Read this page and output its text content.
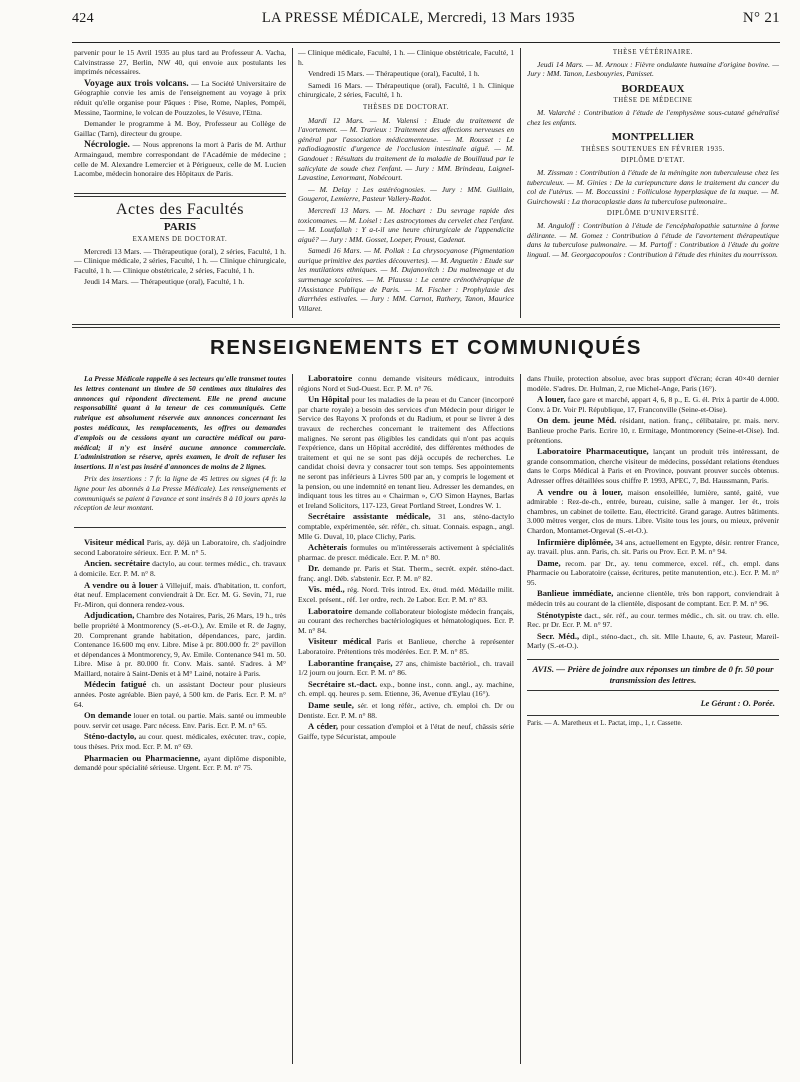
424	LA PRESSE MÉDICALE, Mercredi, 13 Mars 1935	N° 21

parvenir pour le 15 Avril 1935 au plus tard au Professeur A. Vacha, Calvinstrasse 27, Berlin, NW 40, qui envoie aux postulants les imprimés nécessaires.

Voyage aux trois volcans. — La Société Universitaire de Géographie convie les amis de l'enseignement au voyage à prix réduit qu'elle organise pour Pâques : Pise, Rome, Naples, Pompéi, Messine, Taormine, le volcan de Pouzzoles, le Vésuve, l'Etna.

Demander le programme à M. Boy, Professeur au Collège de Gaillac (Tarn), directeur du groupe.

Nécrologie. — Nous apprenons la mort à Paris de M. Arthur Armaingaud, membre correspondant de l'Académie de médecine ; celle de M. Alexandre Lemercier et à Périgueux, celle de M. Lucien Lacombe, médecin honoraire des Hôpitaux de Paris.

Actes des Facultés
PARIS

EXAMENS DE DOCTORAT.

Mercredi 13 Mars. — Thérapeutique (oral), 2 séries, Faculté, 1 h. — Clinique médicale, 2 séries, Faculté, 1 h. — Clinique chirurgicale, Faculté, 1 h. — Clinique obstétricale, 2 séries, Faculté, 1 h.

Jeudi 14 Mars. — Thérapeutique (oral), Faculté, 1 h.

— Clinique médicale, Faculté, 1 h. — Clinique obstétricale, Faculté, 1 h.

Vendredi 15 Mars. — Thérapeutique (oral), Faculté, 1 h.

Samedi 16 Mars. — Thérapeutique (oral), Faculté, 1 h. Clinique chirurgicale, 2 séries, Faculté, 1 h.

THÈSES DE DOCTORAT.

Mardi 12 Mars. — M. Valensi : Etude du traitement de l'avortement. — M. Trarieux : Traitement des affections nerveuses en général par l'association médicamenteuse. — M. Rousset : Le radiodiagnostic d'urgence de l'occlusion intestinale aiguë. — M. Gandouet : Résultats du traitement de la maladie de Bouillaud par le salicylate de soude chez l'enfant. — Jury : MM. Brindeau, Laignel-Lavastine, Lenormant, Nobécourt.

— M. Delay : Les astéréognosies. — Jury : MM. Guillain, Gougerot, Lemierre, Pasteur Vallery-Radot.

Mercredi 13 Mars. — M. Hochart : Du sevrage rapide des toxicomanes. — M. Loisel : Les astrocytomes du cervelet chez l'enfant. — M. Loutfallah : Y a-t-il une heure chirurgicale de l'appendicite aiguë? — Jury : MM. Gosset, Loeper, Proust, Cadenat.

Samedi 16 Mars. — M. Pollak : La chrysocyanose (Pigmentation aurique primitive des parties découvertes). — M. Anguetin : Etude sur les mutilations ethniques. — M. Dujanovitch : Du malmenage et du surmenage scolaires. — M. Plaussu : Le centre crénothérapique de l'Assistance Publique de Paris. — M. Fischer : Prophylaxie des diarrhées estivales. — Jury : MM. Carnot, Rathery, Tanon, Maurice Villaret.

THÈSE VÉTÉRINAIRE.

Jeudi 14 Mars. — M. Arnoux : Fièvre ondulante humaine d'origine bovine. — Jury : MM. Tanon, Lesbouyries, Panisset.

BORDEAUX

THÈSE DE MÉDECINE

M. Valarché : Contribution à l'étude de l'emphysème sous-cutané généralisé chez les enfants.

MONTPELLIER

THÈSES SOUTENUES EN FÉVRIER 1935.

DIPLÔME D'ETAT.

M. Zissman : Contribution à l'étude de la méningite non tuberculeuse chez les tuberculeux. — M. Ginies : De la curiepuncture dans le traitement du cancer du col de l'utérus. — M. Boccassini : Folliculose hyperplasique de la nuque. — M. Guirchowski : La thoracoplastie dans la tuberculose pulmonaire..

DIPLÔME D'UNIVERSITÉ.

M. Anguloff : Contribution à l'étude de l'encéphalopathie saturnine à forme délirante. — M. Gomez : Contribution à l'étude de l'avortement thérapeutique dans la tuberculose pulmonaire. — M. Partoff : Contribution à l'étude du goitre lingual. — M. Georgacopoulos : Contribution à l'étude des rhinites du nourrisson.

RENSEIGNEMENTS ET COMMUNIQUÉS

La Presse Médicale rappelle à ses lecteurs qu'elle transmet toutes les lettres contenant un timbre de 50 centimes aux titulaires des annonces qui répondent directement. Elle ne prend aucune responsabilité quant à la teneur de ces communiqués. Cette rubrique est absolument réservée aux annonces concernant les postes médicaux, les remplacements, les offres ou demandes d'emplois ou de cessions ayant un caractère médical ou para-médical; il n'y est inséré aucune annonce commerciale. L'administration se réserve, après examen, le droit de refuser les insertions. Il n'est pas inséré d'annonces de moins de 2 lignes.

Prix des insertions : 7 fr. la ligne de 45 lettres ou signes (4 fr. la ligne pour les abonnés à La Presse Médicale). Les renseignements et communiqués se paient à l'avance et sont insérés 8 à 10 jours après la réception de leur montant.

Visiteur médical Paris, ay. déjà un Laboratoire, ch. s'adjoindre second Laboratoire sérieux. Ecr. P. M. n° 5.

Ancien. secrétaire dactylo, au cour. termes médic., ch. travaux à domicile. Ecr. P. M. n° 8.

A vendre ou à louer à Villejuif, mais. d'habitation, tt. confort, état neuf. Emplacement conviendrait à Dr. Ecr. M. G. Sevin, 71, rue Fr.-Miron, qui donnera rendez-vous.

Adjudication, Chambre des Notaires, Paris, 26 Mars, 19 h., très belle propriété à Montmorency (S.-et-O.), Av. Emile et R. de Jagny, 20. Comprenant grande habitation, dépendances, parc, jardin. Contenance 16.600 mq env. Libre. Mise à pr. 800.000 fr. 2° pavillon et dépendances à Montmorency, 9, Av. Emile. Contenance 941 m. 50. Libre. Mise à pr. 80.000 fr. Conv. Mais. santé. S'adres. à M° Maillard, notaire à Saint-Denis et à M° Lainé, notaire à Paris.

Médecin fatigué ch. un assistant Docteur pour plusieurs années. Poste agréable. Bien payé, à 500 km. de Paris. Ecr. P. M. n° 64.

On demande louer en total. ou partie. Mais. santé ou immeuble pouv. servir cet usage. Parc nécess. Env. Paris. Ecr. P. M. n° 65.

Sténo-dactylo, au cour. quest. médicales, exécuter. trav., copie, tous thèses. Prix mod. Ecr. P. M. n° 69.

Pharmacien ou Pharmacienne, ayant diplôme disponible, demandé pour spécialité sérieuse. Urgent. Ecr. P. M. n° 75.

Laboratoire connu demande visiteurs médicaux, introduits régions Nord et Sud-Ouest. Ecr. P. M. n° 76.

Un Hôpital pour les maladies de la peau et du Cancer (incorporé par charte royale) a besoin des services d'un Médecin pour diriger le Service des Rayons X profonds et du Radium, et pour se livrer à des travaux de recherches concernant le traitement des Affections malignes. Ne seront pas éligibles les candidats qui n'ont pas acquis l'expérience, dans un Hôpital accrédité, des différentes méthodes de traitement et qui ne se sont pas déjà occupés de recherches. Le candidat choisi devra y consacrer tout son temps. Ses appointements ne seront pas inférieurs à Livres 500 par an, y compris le logement et la pension, ou une indemnité en tenant lieu. Adresser les demandes, en indiquant tous les titres au « Chairman », C/O Simon Haynes, Barlas et Ireland Solicitors, 117-123, Great Portland Street, Londres W. 1.

Secrétaire assistante médicale, 31 ans, sténo-dactylo comptable, expérimentée, sér. référ., ch. situat. Connais. espagn., angl. Mlle G. Duval, 10, place Clichy, Paris.

Achèterais formules ou m'intéresserais activement à spécialités pharmac. de prescr. médicale. Ecr. P. M. n° 80.

Dr. demande pr. Paris et Stat. Therm., secrét. expér. sténo-dact. franç. angl. Déb. s'abstenir. Ecr. P. M. n° 82.

Vis. méd., rég. Nord. Très introd. Ex. étud. méd. Médaille milit. Excel. présent., réf. 1er ordre, rech. 2e Labor. Ecr. P. M. n° 83.

Laboratoire demande collaborateur biologiste médecin français, au courant des recherches bactériologiques et hématologiques. Ecr. P. M. n° 84.

Visiteur médical Paris et Banlieue, cherche à représenter Laboratoire. Prétentions très modérées. Ecr. P. M. n° 85.

Laborantine française, 27 ans, chimiste bactériol., ch. travail 1/2 journ ou journ. Ecr. P. M. n° 86.

Secrétaire st.-dact. exp., bonne inst., conn. angl., ay. machine, ch. empl. qq. heures p. sem. Etienne, 36, Avenue d'Eylau (16°).

Dame seule, sér. et long référ., active, ch. emploi ch. Dr ou Dentiste. Ecr. P. M. n° 88.

A céder, pour cessation d'emploi et à l'état de neuf, châssis série Gaiffe, type Sécuristat, ampoule

dans l'huile, protection absolue, avec bras support d'écran; écran 40×40 dernier modèle. S'adres. Dr. Hulman, 2, rue Michel-Ange, Paris (16°).

A louer, face gare et marché, appart 4, 6, 8 p., E. G. él. Prix à partir de 4.000. Conv. à Dr. Voir Pl. République, 17, Franconville (Seine-et-Oise).

On dem. jeune Méd. résidant, nation. franç., célibataire, pr. mais. nerv. Banlieue proche Paris. Ecrire 10, r. Ermitage, Montmorency (Seine-et-Oise). Ind. prétentions.

Laboratoire Pharmaceutique, lançant un produit très intéressant, de grande consommation, cherche visiteur de médecins, possédant relations étendues dans le Corps Médical à Paris et en Province, pouvant prouver succès obtenus. Adresser offres détaillées sous chiffre P. 1993, APEC, 7, Bd. Haussmann, Paris.

A vendre ou à louer, maison ensoleillée, lumière, santé, gaité, vue admirable : Rez-de-ch., entrée, bureau, cuisine, salle à manger. 1er ét., trois chambres, un cabinet de toilette. Eau, électricité. Grand garage. Autres bâtiments. 3.000 mètres verger, clos de murs. Libre. Visite tous les jours, ou mieux, prévenir Chardon, Montamet-Orgeval (S.-et-O.).

Infirmière diplômée, 34 ans, actuellement en Egypte, désir. rentrer France, ay. travail. plus. ann. Paris, ch. sit. Paris ou Prov. Ecr. P. M. n° 94.

Dame, recom. par Dr., ay. tenu commerce, excel. réf., ch. empl. dans Pharmacie ou Laboratoire (caisse, écritures, petite manutention, etc.). Ecr. P. M. n° 95.

Banlieue immédiate, ancienne clientèle, très bon rapport, conviendrait à médecin très au courant de la clientèle, disposant de comptant. Ecr. P. M. n° 96.

Sténotypiste dact., sér. réf., au cour. termes médic., ch. sit. ou trav. ch. elle. Rec. pr Dr. Ecr. P. M. n° 97.

Secr. Méd., dipl., sténo-dact., ch. sit. Mlle Lhaute, 6, av. Pasteur, Mareil-Marly (S.-et-O.).

AVIS. — Prière de joindre aux réponses un timbre de 0 fr. 50 pour transmission des lettres.
Le Gérant : O. Porée.
Paris. — A. Maretheux et L. Pactat, imp., 1, r. Cassette.
